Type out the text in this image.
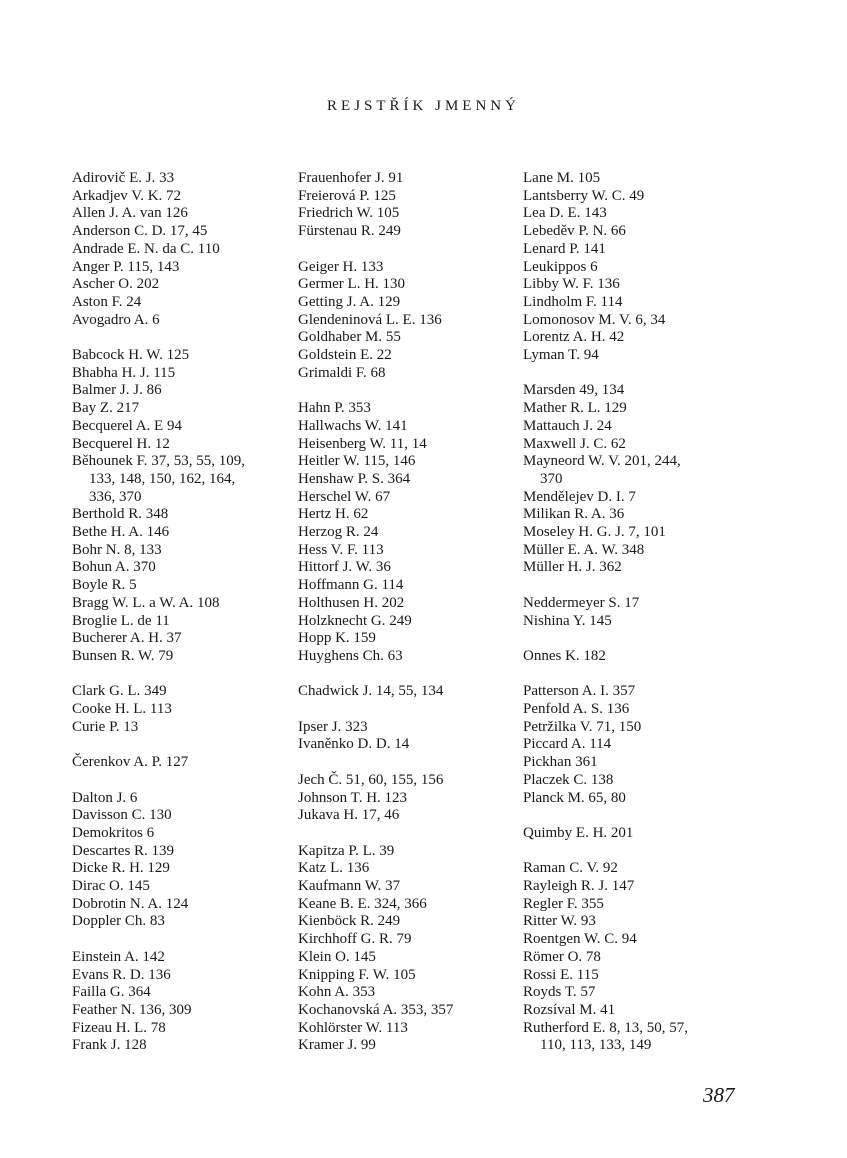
REJSTŘÍK JMENNÝ
Adirovič E. J. 33
Arkadjev V. K. 72
Allen J. A. van 126
Anderson C. D. 17, 45
Andrade E. N. da C. 110
Anger P. 115, 143
Ascher O. 202
Aston F. 24
Avogadro A. 6
Babcock H. W. 125
Bhabha H. J. 115
Balmer J. J. 86
Bay Z. 217
Becquerel A. E 94
Becquerel H. 12
Běhounek F. 37, 53, 55, 109,
133, 148, 150, 162, 164,
336, 370
Berthold R. 348
Bethe H. A. 146
Bohr N. 8, 133
Bohun A. 370
Boyle R. 5
Bragg W. L. a W. A. 108
Broglie L. de 11
Bucherer A. H. 37
Bunsen R. W. 79
Clark G. L. 349
Cooke H. L. 113
Curie P. 13
Čerenkov A. P. 127
Dalton J. 6
Davisson C. 130
Demokritos 6
Descartes R. 139
Dicke R. H. 129
Dirac O. 145
Dobrotin N. A. 124
Doppler Ch. 83
Einstein A. 142
Evans R. D. 136
Failla G. 364
Feather N. 136, 309
Fizeau H. L. 78
Frank J. 128
Frauenhofer J. 91
Freierová P. 125
Friedrich W. 105
Fürstenau R. 249
Geiger H. 133
Germer L. H. 130
Getting J. A. 129
Glendeninová L. E. 136
Goldhaber M. 55
Goldstein E. 22
Grimaldi F. 68
Hahn P. 353
Hallwachs W. 141
Heisenberg W. 11, 14
Heitler W. 115, 146
Henshaw P. S. 364
Herschel W. 67
Hertz H. 62
Herzog R. 24
Hess V. F. 113
Hittorf J. W. 36
Hoffmann G. 114
Holthusen H. 202
Holzknecht G. 249
Hopp K. 159
Huyghens Ch. 63
Chadwick J. 14, 55, 134
Ipser J. 323
Ivaněnko D. D. 14
Jech Č. 51, 60, 155, 156
Johnson T. H. 123
Jukava H. 17, 46
Kapitza P. L. 39
Katz L. 136
Kaufmann W. 37
Keane B. E. 324, 366
Kienböck R. 249
Kirchhoff G. R. 79
Klein O. 145
Knipping F. W. 105
Kohn A. 353
Kochanovská A. 353, 357
Kohlörster W. 113
Kramer J. 99
Lane M. 105
Lantsberry W. C. 49
Lea D. E. 143
Lebeděv P. N. 66
Lenard P. 141
Leukippos 6
Libby W. F. 136
Lindholm F. 114
Lomonosov M. V. 6, 34
Lorentz A. H. 42
Lyman T. 94
Marsden 49, 134
Mather R. L. 129
Mattauch J. 24
Maxwell J. C. 62
Mayneord W. V. 201, 244,
370
Mendělejev D. I. 7
Milikan R. A. 36
Moseley H. G. J. 7, 101
Müller E. A. W. 348
Müller H. J. 362
Neddermeyer S. 17
Nishina Y. 145
Onnes K. 182
Patterson A. I. 357
Penfold A. S. 136
Petržilka V. 71, 150
Piccard A. 114
Pickhan 361
Placzek C. 138
Planck M. 65, 80
Quimby E. H. 201
Raman C. V. 92
Rayleigh R. J. 147
Regler F. 355
Ritter W. 93
Roentgen W. C. 94
Römer O. 78
Rossi E. 115
Royds T. 57
Rozsíval M. 41
Rutherford E. 8, 13, 50, 57,
110, 113, 133, 149
387
